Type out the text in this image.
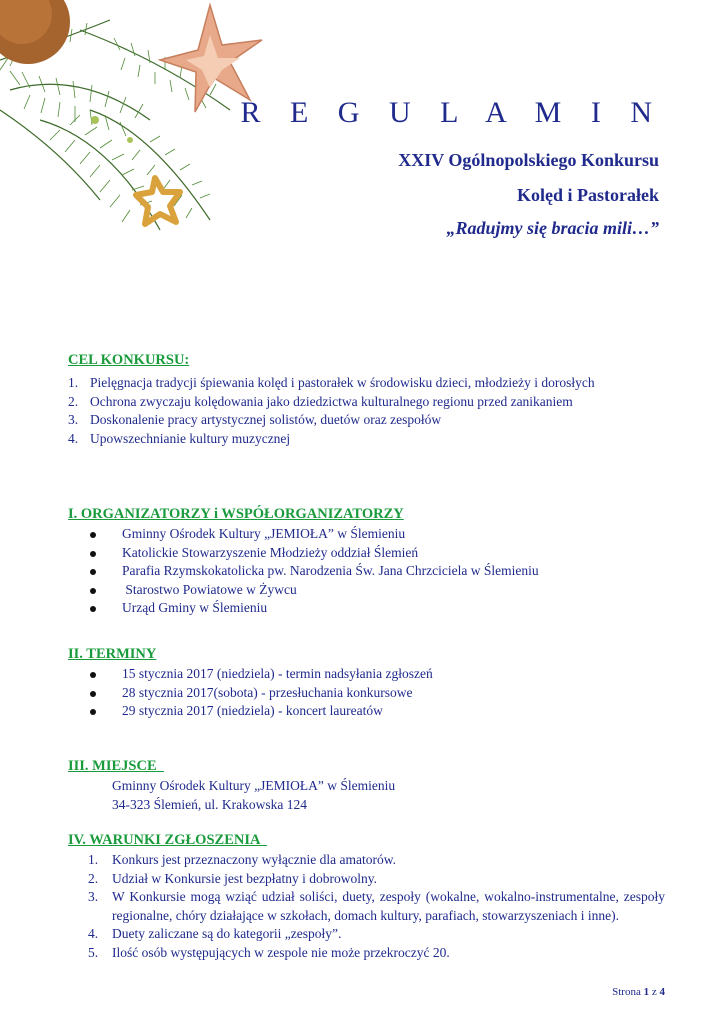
R E G U L A M I N
XXIV Ogólnopolskiego Konkursu
Kolęd i Pastorałek
„Radujmy się bracia mili…”
CEL KONKURSU:
1. Pielęgnacja tradycji śpiewania kolęd i pastorałek w środowisku dzieci, młodzieży i dorosłych
2. Ochrona zwyczaju kolędowania jako dziedzictwa kulturalnego regionu przed zanikaniem
3. Doskonalenie pracy artystycznej solistów, duetów oraz zespołów
4. Upowszechnianie kultury muzycznej
I. ORGANIZATORZY i WSPÓŁORGANIZATORZY
Gminny Ośrodek Kultury „JEMIOŁA” w Ślemieniu
Katolickie Stowarzyszenie Młodzieży oddział Ślemień
Parafia Rzymskokatolicka pw. Narodzenia Św. Jana Chrzciciela w Ślemieniu
Starostwo Powiatowe w Żywcu
Urząd Gminy w Ślemieniu
II. TERMINY
15 stycznia 2017 (niedziela) - termin nadsyłania zgłoszeń
28 stycznia 2017(sobota) - przesłuchania konkursowe
29 stycznia 2017 (niedziela) - koncert laureatów
III. MIEJSCE
Gminny Ośrodek Kultury „JEMIOŁA” w Ślemieniu
34-323 Ślemień, ul. Krakowska 124
IV. WARUNKI ZGŁOSZENIA
1. Konkurs jest przeznaczony wyłącznie dla amatorów.
2. Udział w Konkursie jest bezpłatny i dobrowolny.
3. W Konkursie mogą wziąć udział soliści, duety, zespoły (wokalne, wokalno-instrumentalne, zespoły regionalne, chóry działające w szkołach, domach kultury, parafiach, stowarzyszeniach i inne).
4. Duety zaliczane są do kategorii „zespoły”.
5. Ilość osób występujących w zespole nie może przekroczyć 20.
Strona 1 z 4
